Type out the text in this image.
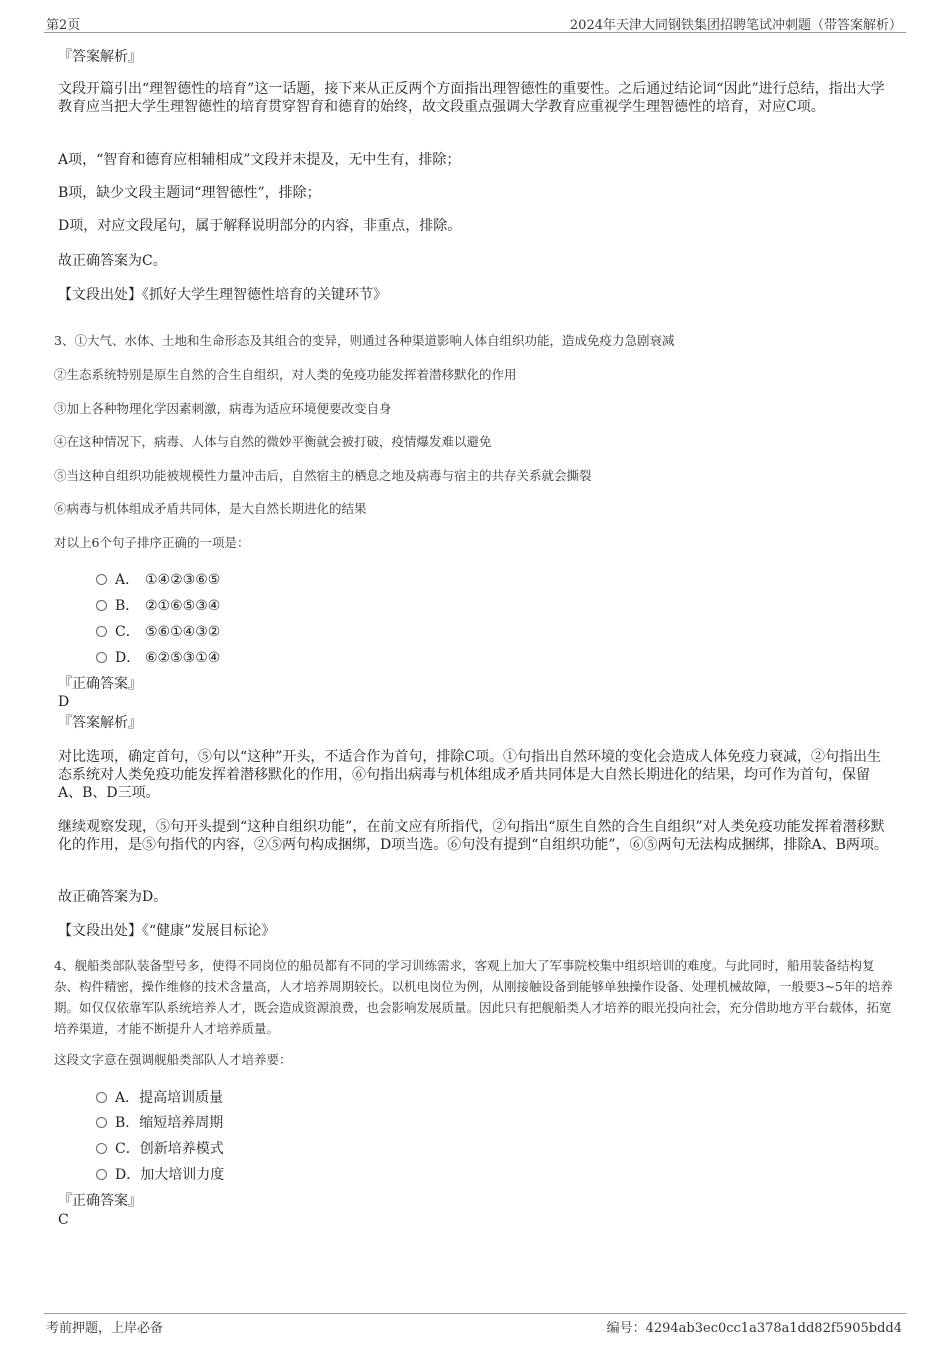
第2页	2024年天津大同钢铁集团招聘笔试冲刺题（带答案解析）

『答案解析』

文段开篇引出“理智德性的培育”这一话题，接下来从正反两个方面指出理智德性的重要性。之后通过结论词“因此”进行总结，指出大学教育应当把大学生理智德性的培育贯穿智育和德育的始终，故文段重点强调大学教育应重视学生理智德性的培育，对应C项。

A项，“智育和德育应相辅相成”文段并未提及，无中生有，排除；

B项，缺少文段主题词“理智德性”，排除；

D项，对应文段尾句，属于解释说明部分的内容，非重点，排除。

故正确答案为C。

【文段出处】《抓好大学生理智德性培育的关键环节》

3、①大气、水体、土地和生命形态及其组合的变异，则通过各种渠道影响人体自组织功能，造成免疫力急剧衰减

②生态系统特别是原生自然的合生自组织，对人类的免疫功能发挥着潜移默化的作用

③加上各种物理化学因素刺激，病毒为适应环境便要改变自身

④在这种情况下，病毒、人体与自然的微妙平衡就会被打破，疫情爆发难以避免

⑤当这种自组织功能被规模性力量冲击后，自然宿主的栖息之地及病毒与宿主的共存关系就会撕裂

⑥病毒与机体组成矛盾共同体，是大自然长期进化的结果

对以上6个句子排序正确的一项是：

A． ①④②③⑥⑤
B． ②①⑥⑤③④
C． ⑤⑥①④③②
D． ⑥②⑤③①④

『正确答案』

D

『答案解析』

对比选项，确定首句，⑤句以“这种”开头，不适合作为首句，排除C项。①句指出自然环境的变化会造成人体免疫力衰减，②句指出生态系统对人类免疫功能发挥着潜移默化的作用，⑥句指出病毒与机体组成矛盾共同体是大自然长期进化的结果，均可作为首句，保留A、B、D三项。

继续观察发现，⑤句开头提到“这种自组织功能”，在前文应有所指代，②句指出“原生自然的合生自组织”对人类免疫功能发挥着潜移默化的作用，是⑤句指代的内容，②⑤两句构成捆绑，D项当选。⑥句没有提到“自组织功能”，⑥⑤两句无法构成捆绑，排除A、B两项。

故正确答案为D。

【文段出处】《“健康”发展目标论》

4、舰船类部队装备型号多，使得不同岗位的船员都有不同的学习训练需求，客观上加大了军事院校集中组织培训的难度。与此同时，船用装备结构复杂、构件精密，操作维修的技术含量高，人才培养周期较长。以机电岗位为例，从刚接触设备到能够单独操作设备、处理机械故障，一般要3~5年的培养期。如仅仅依靠军队系统培养人才，既会造成资源浪费，也会影响发展质量。因此只有把舰船类人才培养的眼光投向社会，充分借助地方平台载体，拓宽培养渠道，才能不断提升人才培养质量。

这段文字意在强调舰船类部队人才培养要：

A．提高培训质量
B．缩短培养周期
C．创新培养模式
D．加大培训力度

『正确答案』

C

考前押题，上岸必备	编号：4294ab3ec0cc1a378a1dd82f5905bdd4
